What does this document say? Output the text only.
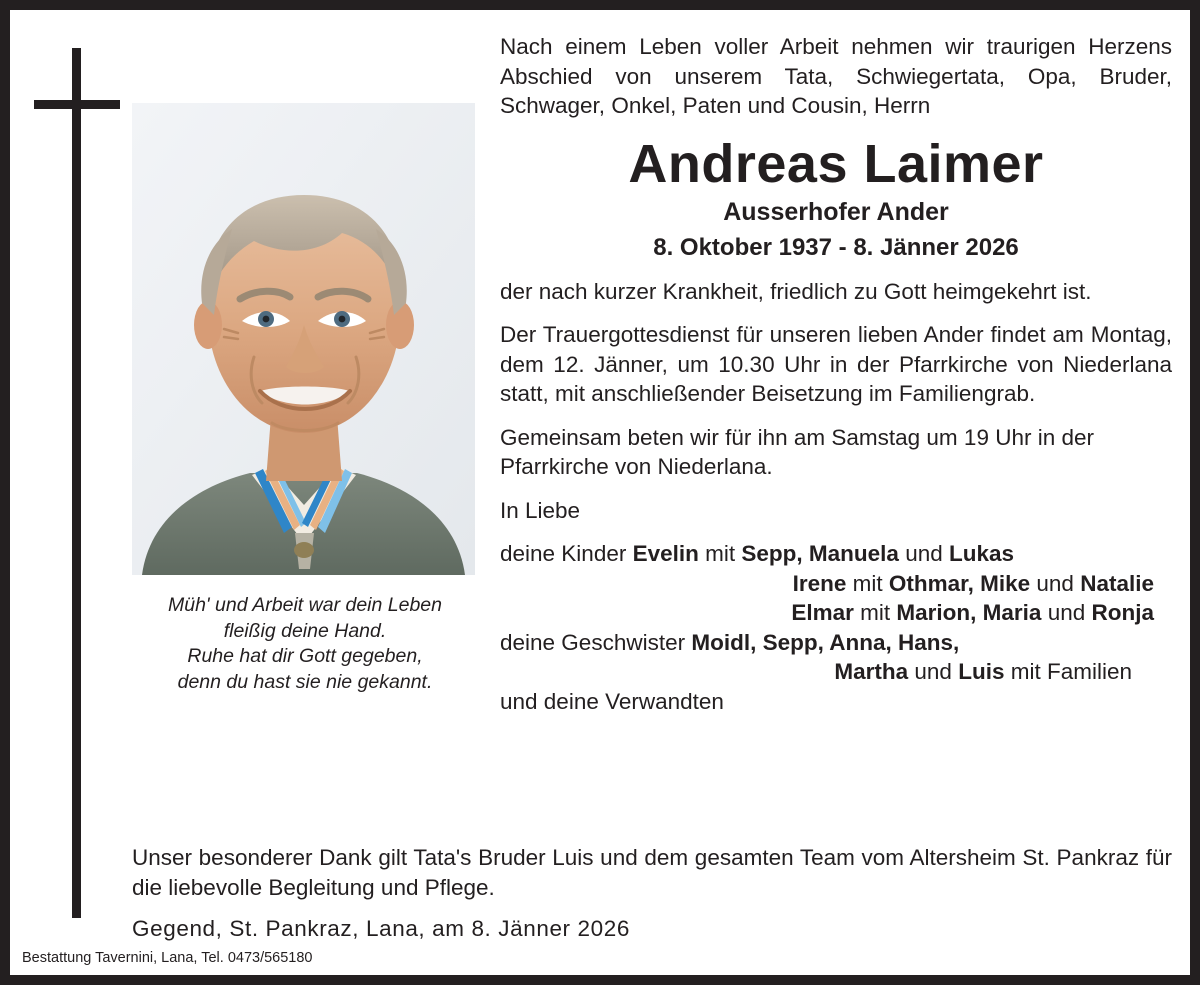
Müh' und Arbeit war dein Leben
fleißig deine Hand.
Ruhe hat dir Gott gegeben,
denn du hast sie nie gekannt.

Nach einem Leben voller Arbeit nehmen wir traurigen Herzens Abschied von unserem Tata, Schwiegertata, Opa, Bruder, Schwager, Onkel, Paten und Cousin, Herrn

Andreas Laimer
Ausserhofer Ander
8. Oktober 1937 - 8. Jänner 2026

der nach kurzer Krankheit, friedlich zu Gott heimgekehrt ist.

Der Trauergottesdienst für unseren lieben Ander findet am Montag, dem 12. Jänner, um 10.30 Uhr in der Pfarrkirche von Niederlana statt, mit anschließender Beisetzung im Familiengrab.

Gemeinsam beten wir für ihn am Samstag um 19 Uhr in der Pfarrkirche von Niederlana.

In Liebe

deine Kinder Evelin mit Sepp, Manuela und Lukas
Irene mit Othmar, Mike und Natalie
Elmar mit Marion, Maria und Ronja
deine Geschwister Moidl, Sepp, Anna, Hans,
Martha und Luis mit Familien
und deine Verwandten

Unser besonderer Dank gilt Tata's Bruder Luis und dem gesamten Team vom Altersheim St. Pankraz für die liebevolle Begleitung und Pflege.

Gegend, St. Pankraz, Lana, am 8. Jänner 2026

Bestattung Tavernini, Lana, Tel. 0473/565180
